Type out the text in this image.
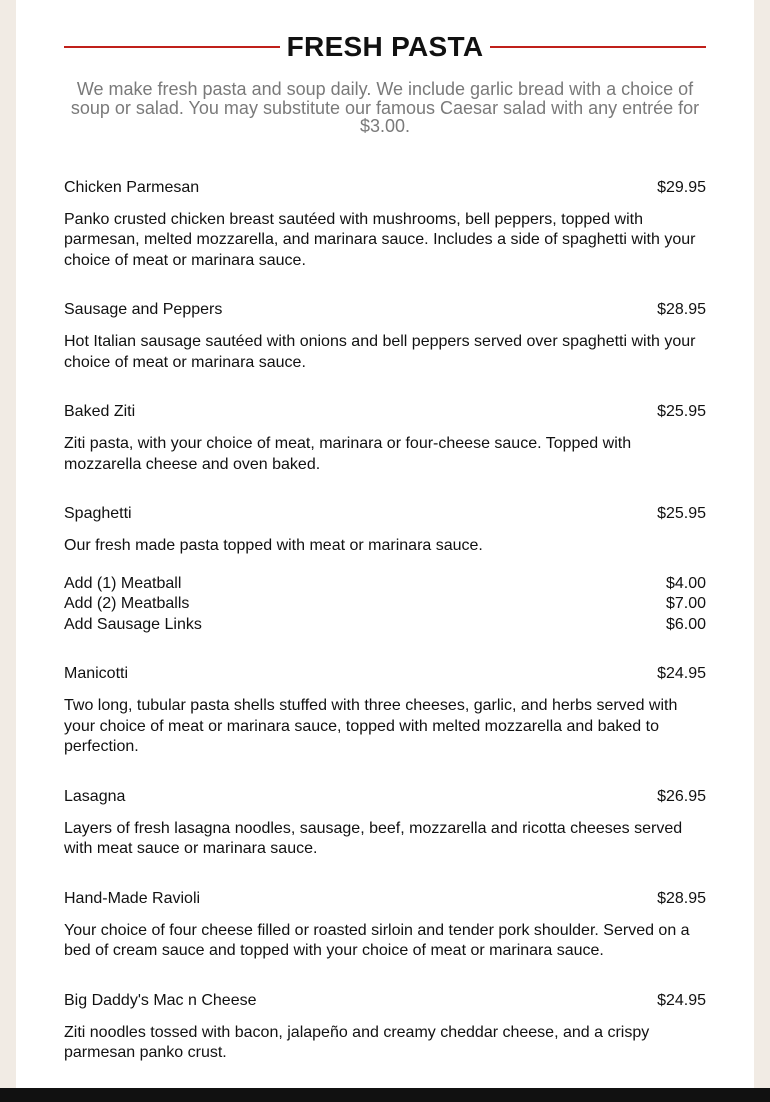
FRESH PASTA

We make fresh pasta and soup daily. We include garlic bread with a choice of soup or salad. You may substitute our famous Caesar salad with any entrée for $3.00.

Chicken Parmesan	$29.95
Panko crusted chicken breast sautéed with mushrooms, bell peppers, topped with parmesan, melted mozzarella, and marinara sauce. Includes a side of spaghetti with your choice of meat or marinara sauce.
Sausage and Peppers	$28.95
Hot Italian sausage sautéed with onions and bell peppers served over spaghetti with your choice of meat or marinara sauce.
Baked Ziti	$25.95
Ziti pasta, with your choice of meat, marinara or four-cheese sauce. Topped with mozzarella cheese and oven baked.
Spaghetti	$25.95
Our fresh made pasta topped with meat or marinara sauce.
Add (1) Meatball	$4.00
Add (2) Meatballs	$7.00
Add Sausage Links	$6.00
Manicotti	$24.95
Two long, tubular pasta shells stuffed with three cheeses, garlic, and herbs served with your choice of meat or marinara sauce, topped with melted mozzarella and baked to perfection.
Lasagna	$26.95
Layers of fresh lasagna noodles, sausage, beef, mozzarella and ricotta cheeses served with meat sauce or marinara sauce.
Hand-Made Ravioli	$28.95
Your choice of four cheese filled or roasted sirloin and tender pork shoulder. Served on a bed of cream sauce and topped with your choice of meat or marinara sauce.
Big Daddy's Mac n Cheese	$24.95
Ziti noodles tossed with bacon, jalapeño and creamy cheddar cheese, and a crispy parmesan panko crust.
